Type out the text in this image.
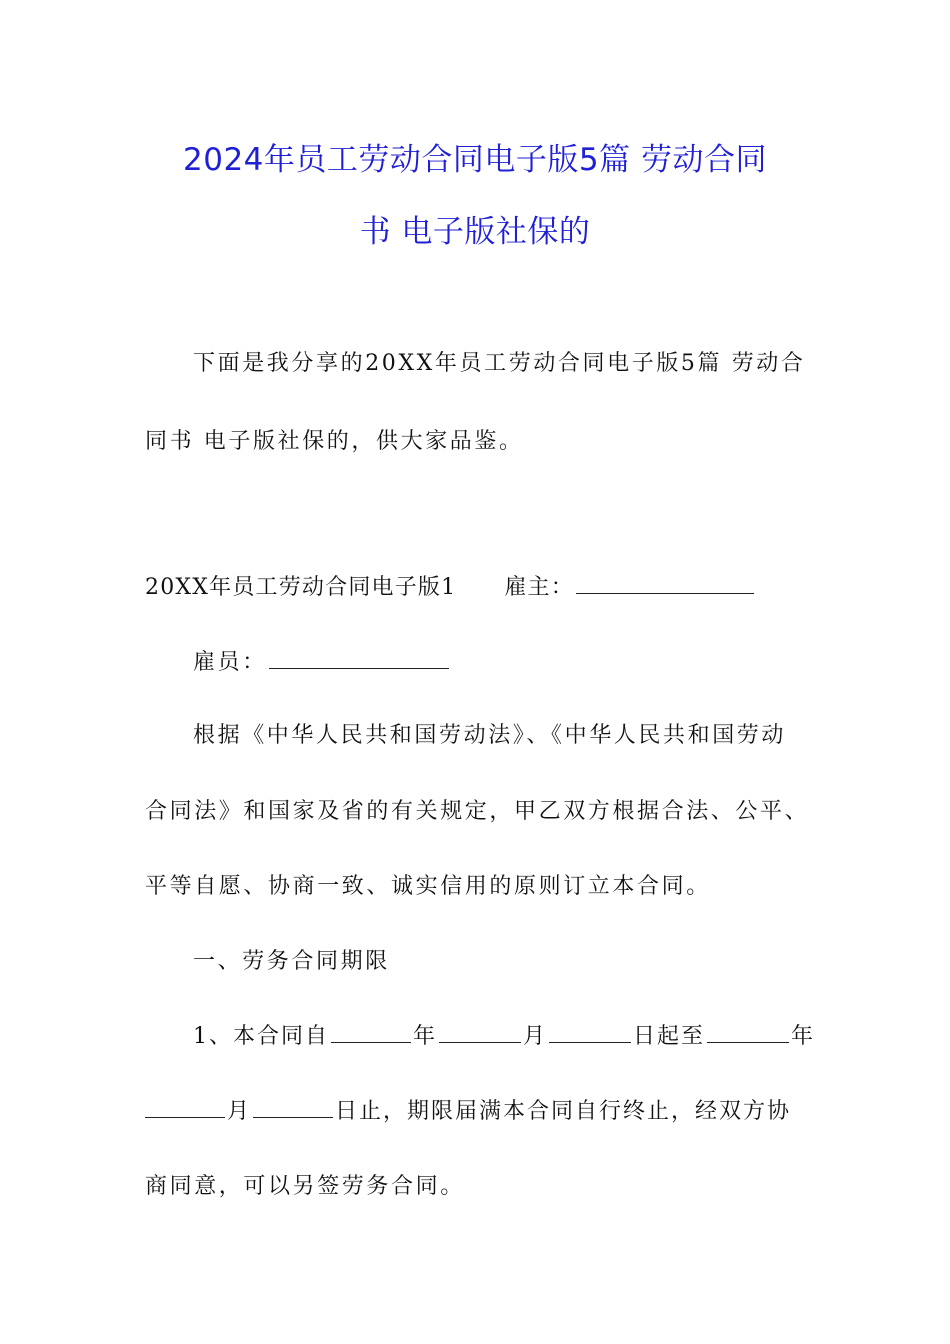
2024年员工劳动合同电子版5篇 劳动合同
书 电子版社保的
下面是我分享的20XX年员工劳动合同电子版5篇 劳动合
同书 电子版社保的，供大家品鉴。
20XX年员工劳动合同电子版1 雇主：
雇员：
根据《中华人民共和国劳动法》、《中华人民共和国劳动
合同法》和国家及省的有关规定，甲乙双方根据合法、公平、
平等自愿、协商一致、诚实信用的原则订立本合同。
一、劳务合同期限
1、本合同自	年	月	日起至	年
月	日止，期限届满本合同自行终止，经双方协
商同意，可以另签劳务合同。
